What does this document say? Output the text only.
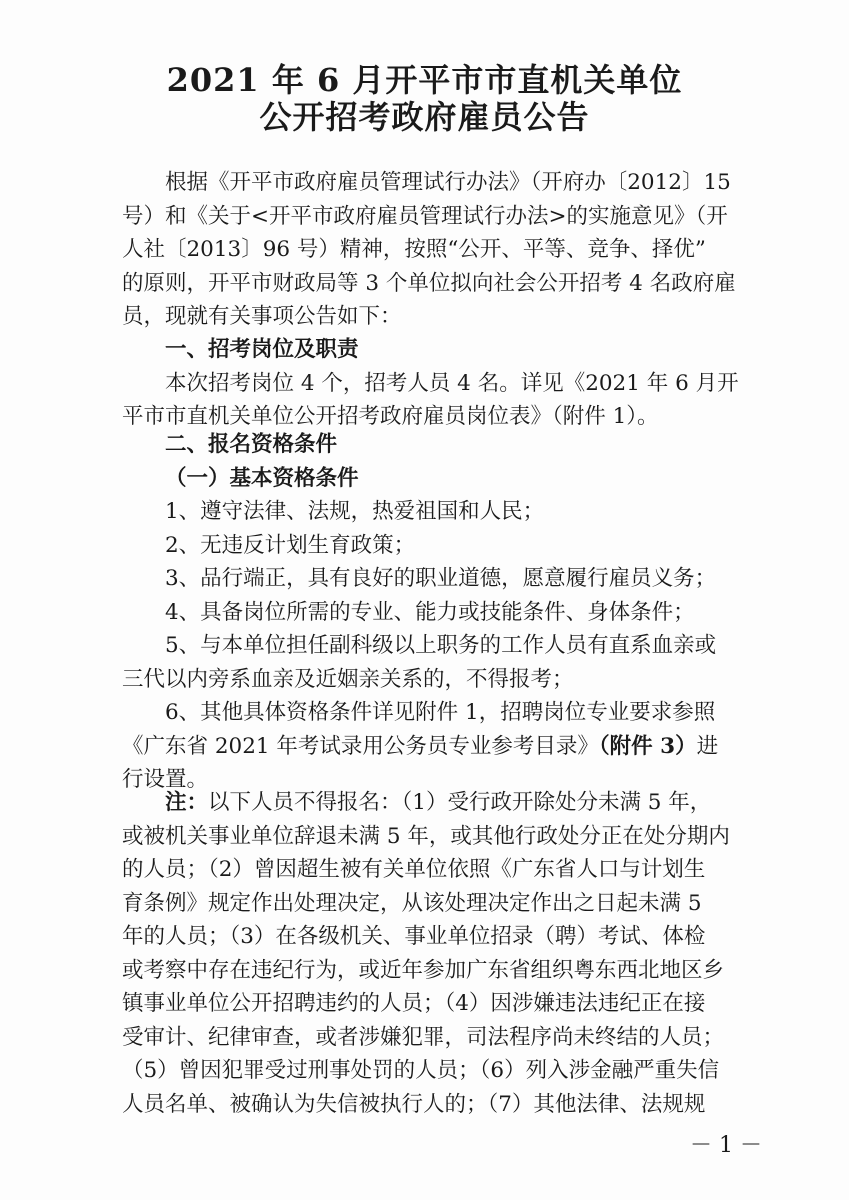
2021 年 6 月开平市市直机关单位
公开招考政府雇员公告
根据《开平市政府雇员管理试行办法》（开府办〔2012〕15
号）和《关于<开平市政府雇员管理试行办法>的实施意见》（开
人社〔2013〕96 号）精神，按照“公开、平等、竞争、择优”
的原则，开平市财政局等 3 个单位拟向社会公开招考 4 名政府雇
员，现就有关事项公告如下：
一、招考岗位及职责
本次招考岗位 4 个，招考人员 4 名。详见《2021 年 6 月开
平市市直机关单位公开招考政府雇员岗位表》（附件 1）。
二、报名资格条件
（一）基本资格条件
1、遵守法律、法规，热爱祖国和人民；
2、无违反计划生育政策；
3、品行端正，具有良好的职业道德，愿意履行雇员义务；
4、具备岗位所需的专业、能力或技能条件、身体条件；
5、与本单位担任副科级以上职务的工作人员有直系血亲或
三代以内旁系血亲及近姻亲关系的，不得报考；
6、其他具体资格条件详见附件 1，招聘岗位专业要求参照
《广东省 2021 年考试录用公务员专业参考目录》（附件 3）进
行设置。
注：以下人员不得报名：（1）受行政开除处分未满 5 年，
或被机关事业单位辞退未满 5 年，或其他行政处分正在处分期内
的人员；（2）曾因超生被有关单位依照《广东省人口与计划生
育条例》规定作出处理决定，从该处理决定作出之日起未满 5
年的人员；（3）在各级机关、事业单位招录（聘）考试、体检
或考察中存在违纪行为，或近年参加广东省组织粤东西北地区乡
镇事业单位公开招聘违约的人员；（4）因涉嫌违法违纪正在接
受审计、纪律审查，或者涉嫌犯罪，司法程序尚未终结的人员；
（5）曾因犯罪受过刑事处罚的人员；（6）列入涉金融严重失信
人员名单、被确认为失信被执行人的；（7）其他法律、法规规
－ 1 －
